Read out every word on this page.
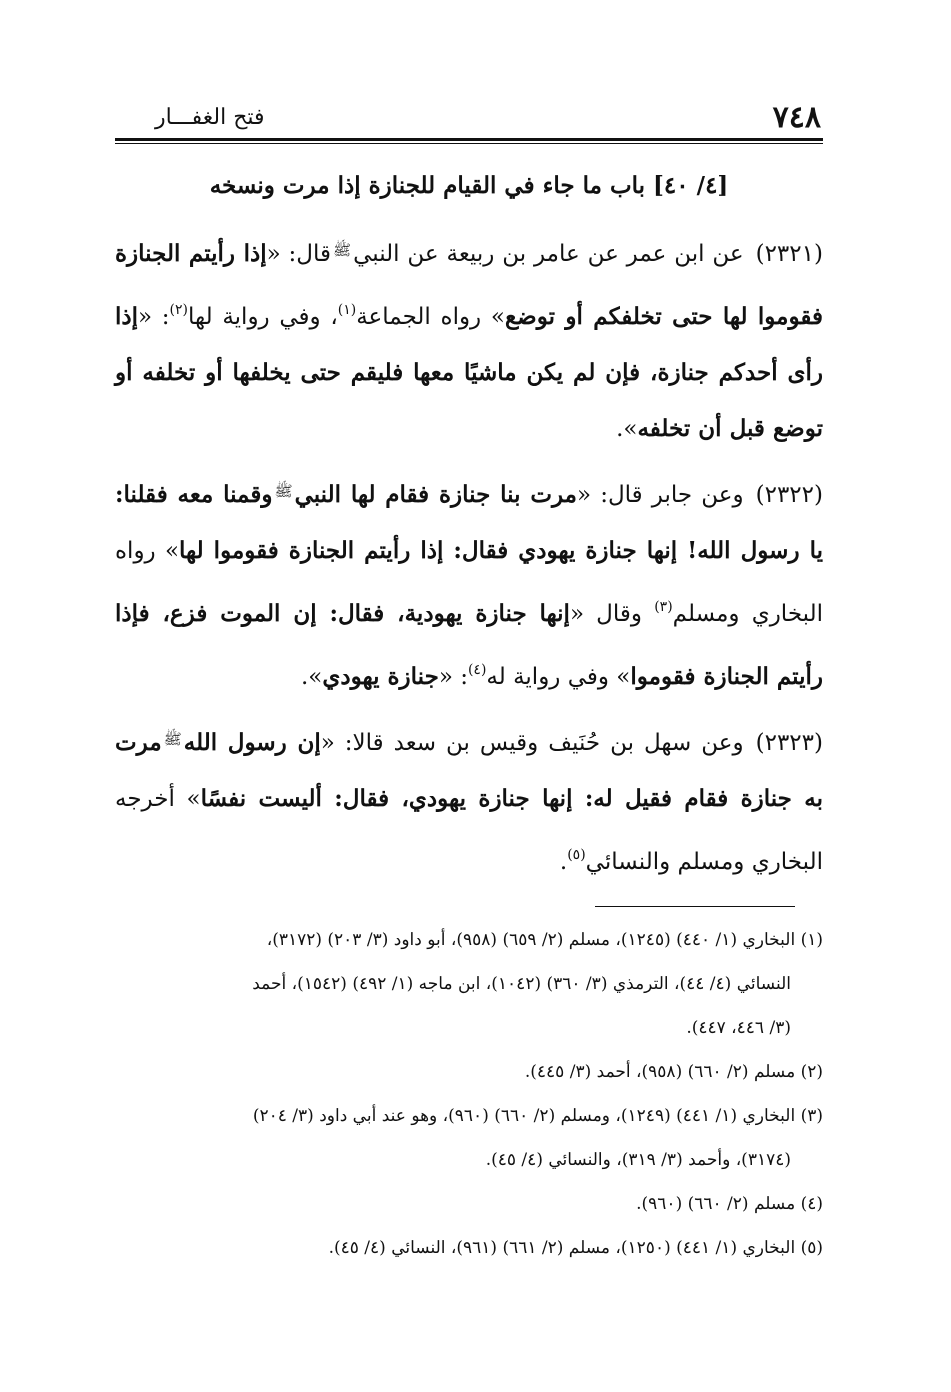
٧٤٨
فتح الغفـــار
[٤/ ٤٠] باب ما جاء في القيام للجنازة إذا مرت ونسخه

(٢٣٢١)عن ابن عمر عن عامر بن ربيعة عن النبي$^ﷺ$قال: «إذا رأيتم الجنازة فقوموا لها حتى تخلفكم أو توضع» رواه الجماعة$^{(١)}$، وفي رواية لها$^{(٢)}$: «إذا رأى أحدكم جنازة، فإن لم يكن ماشيًا معها فليقم حتى يخلفها أو تخلفه أو توضع قبل أن تخلفه».

(٢٣٢٢)وعن جابر قال: «مرت بنا جنازة فقام لها النبي$^ﷺ$وقمنا معه فقلنا: يا رسول الله! إنها جنازة يهودي فقال: إذا رأيتم الجنازة فقوموا لها» رواه البخاري ومسلم$^{(٣)}$ وقال «إنها جنازة يهودية، فقال: إن الموت فزع، فإذا رأيتم الجنازة فقوموا» وفي رواية له$^{(٤)}$: «جنازة يهودي».

(٢٣٢٣)وعن سهل بن حُنَيف وقيس بن سعد قالا: «إن رسول الله$^ﷺ$مرت به جنازة فقام فقيل له: إنها جنازة يهودي، فقال: أليست نفسًا» أخرجه البخاري ومسلم والنسائي$^{(٥)}$.

(١) البخاري (١/ ٤٤٠) (١٢٤٥)، مسلم (٢/ ٦٥٩) (٩٥٨)، أبو داود (٣/ ٢٠٣) (٣١٧٢)،
النسائي (٤/ ٤٤)، الترمذي (٣/ ٣٦٠) (١٠٤٢)، ابن ماجه (١/ ٤٩٢) (١٥٤٢)، أحمد
(٣/ ٤٤٦، ٤٤٧).

(٢) مسلم (٢/ ٦٦٠) (٩٥٨)، أحمد (٣/ ٤٤٥).

(٣) البخاري (١/ ٤٤١) (١٢٤٩)، ومسلم (٢/ ٦٦٠) (٩٦٠)، وهو عند أبي داود (٣/ ٢٠٤)
(٣١٧٤)، وأحمد (٣/ ٣١٩)، والنسائي (٤/ ٤٥).

(٤) مسلم (٢/ ٦٦٠) (٩٦٠).

(٥) البخاري (١/ ٤٤١) (١٢٥٠)، مسلم (٢/ ٦٦١) (٩٦١)، النسائي (٤/ ٤٥).
